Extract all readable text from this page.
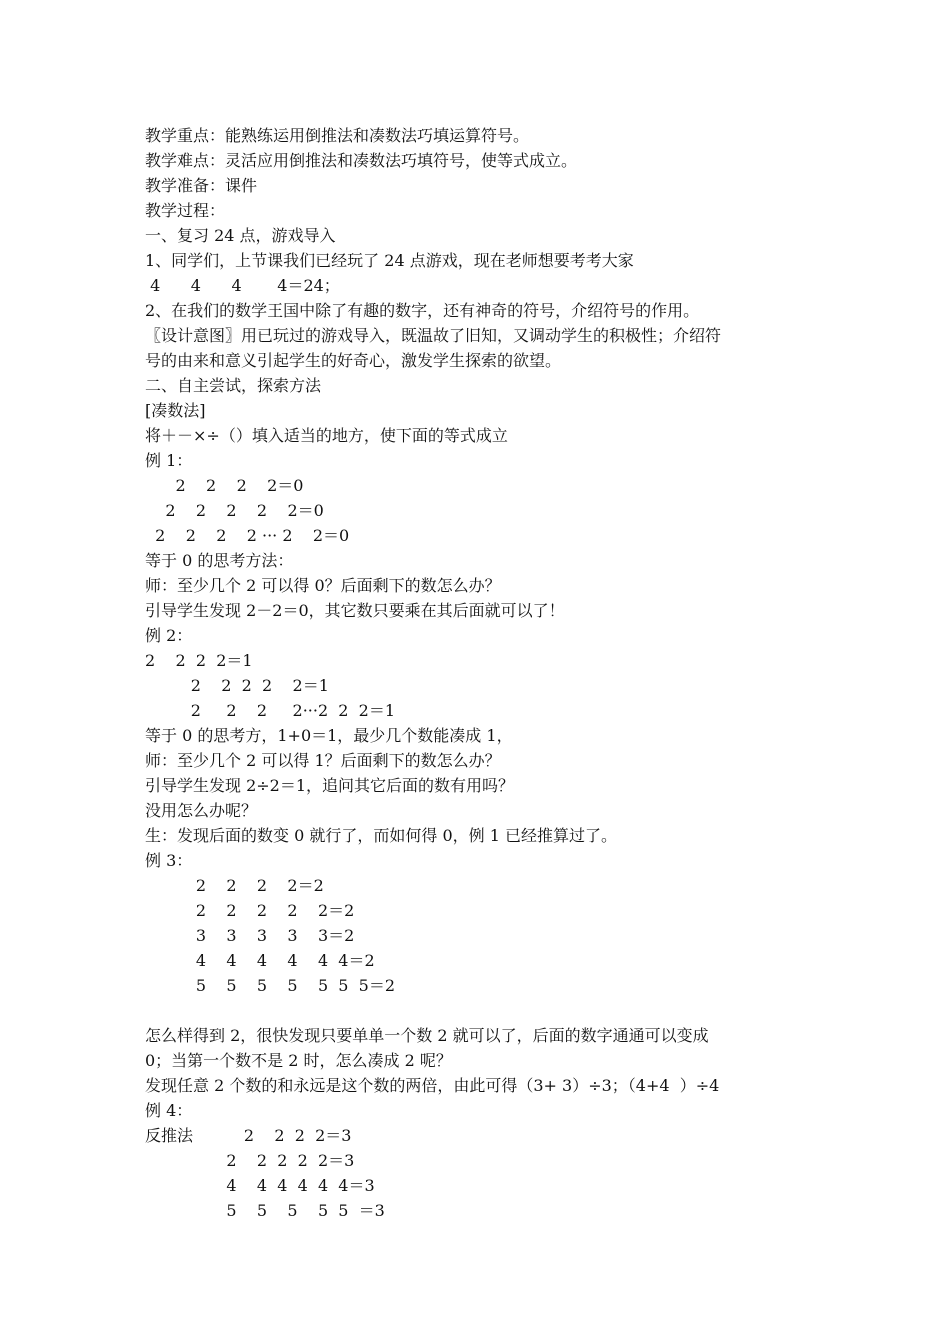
教学重点：能熟练运用倒推法和凑数法巧填运算符号。
教学难点：灵活应用倒推法和凑数法巧填符号，使等式成立。
教学准备：课件
教学过程：
一、复习 24 点，游戏导入
1、同学们，上节课我们已经玩了 24 点游戏，现在老师想要考考大家
4      4      4       4＝24；
2、在我们的数学王国中除了有趣的数字，还有神奇的符号，介绍符号的作用。
〖设计意图〗用已玩过的游戏导入，既温故了旧知，又调动学生的积极性；介绍符
号的由来和意义引起学生的好奇心，激发学生探索的欲望。
二、自主尝试，探索方法
[凑数法]
将＋－×÷（）填入适当的地方，使下面的等式成立
例 1：
2    2    2    2＝0
2    2    2    2    2＝0
2    2    2    2 ··· 2    2＝0
等于 0 的思考方法：
师：至少几个 2 可以得 0？后面剩下的数怎么办？
引导学生发现 2－2＝0，其它数只要乘在其后面就可以了！
例 2：
2    2  2  2＝1
2    2  2  2    2＝1
2     2    2     2···2  2  2＝1
等于 0 的思考方，1+0＝1，最少几个数能凑成 1，
师：至少几个 2 可以得 1？后面剩下的数怎么办？
引导学生发现 2÷2＝1，追问其它后面的数有用吗？
没用怎么办呢？
生：发现后面的数变 0 就行了，而如何得 0，例 1 已经推算过了。
例 3：
2    2    2    2＝2
2    2    2    2    2＝2
3    3    3    3    3＝2
4    4    4    4    4  4＝2
5    5    5    5    5  5  5＝2
怎么样得到 2，很快发现只要单单一个数 2 就可以了，后面的数字通通可以变成
0；当第一个数不是 2 时，怎么凑成 2 呢？
发现任意 2 个数的和永远是这个数的两倍，由此可得（3+ 3）÷3；（4+4  ）÷4
例 4：
反推法          2    2  2  2＝3
2    2  2  2  2＝3
4    4  4  4  4  4＝3
5    5    5    5  5  ＝3
